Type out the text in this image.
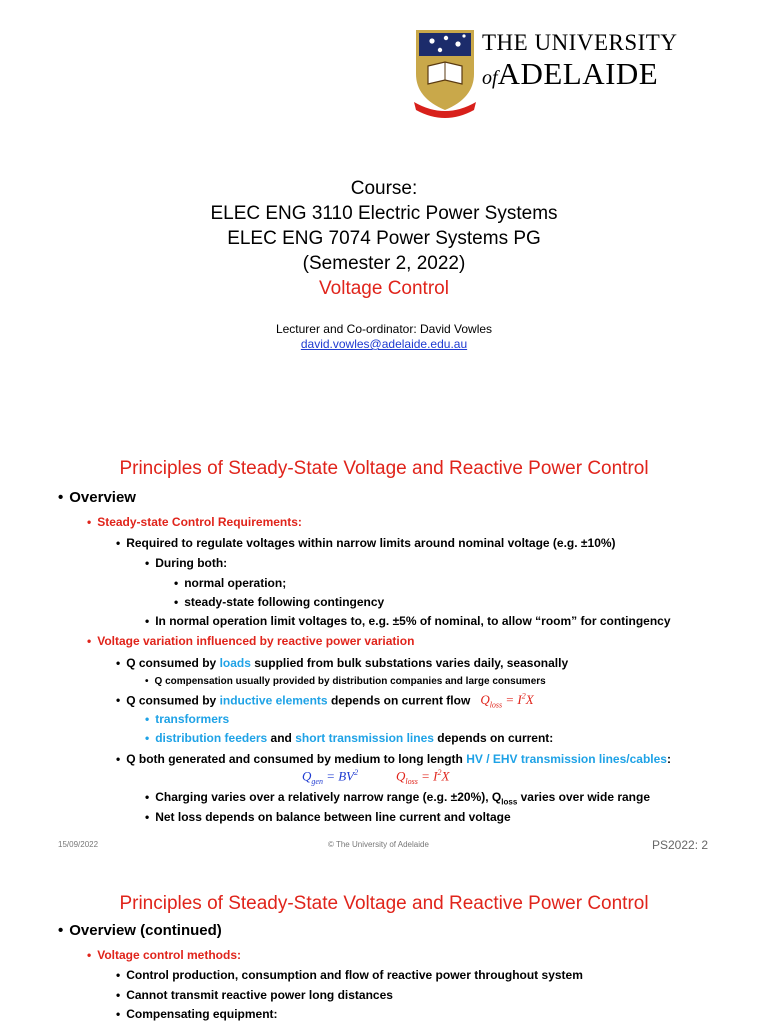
THE UNIVERSITY
ofADELAIDE
Course:
ELEC ENG 3110 Electric Power Systems
ELEC ENG 7074 Power Systems PG
(Semester 2, 2022)
Voltage Control
Lecturer and Co-ordinator: David Vowles
david.vowles@adelaide.edu.au
Principles of Steady-State Voltage and Reactive Power Control
• Overview
• Steady-state Control Requirements:
• Required to regulate voltages within narrow limits around nominal voltage (e.g. ±10%)
• During both:
• normal operation;
• steady-state following contingency
• In normal operation limit voltages to, e.g. ±5% of nominal, to allow “room” for contingency
• Voltage variation influenced by reactive power variation
• Q consumed by loads supplied from bulk substations varies daily, seasonally
• Q compensation usually provided by distribution companies and large consumers
• Q consumed by inductive elements depends on current flow $Q_{loss} = I^2X$
• transformers
• distribution feeders and short transmission lines depends on current:
• Q both generated and consumed by medium to long length HV / EHV transmission lines/cables:
$Q_{gen} = BV^2$	$Q_{loss} = I^2X$
• Charging varies over a relatively narrow range (e.g. ±20%), $Q_{loss}$ varies over wide range
• Net loss depends on balance between line current and voltage
15/09/2022	© The University of Adelaide	PS2022: 2
Principles of Steady-State Voltage and Reactive Power Control
• Overview (continued)
• Voltage control methods:
• Control production, consumption and flow of reactive power throughout system
• Cannot transmit reactive power long distances
• Compensating equipment:
